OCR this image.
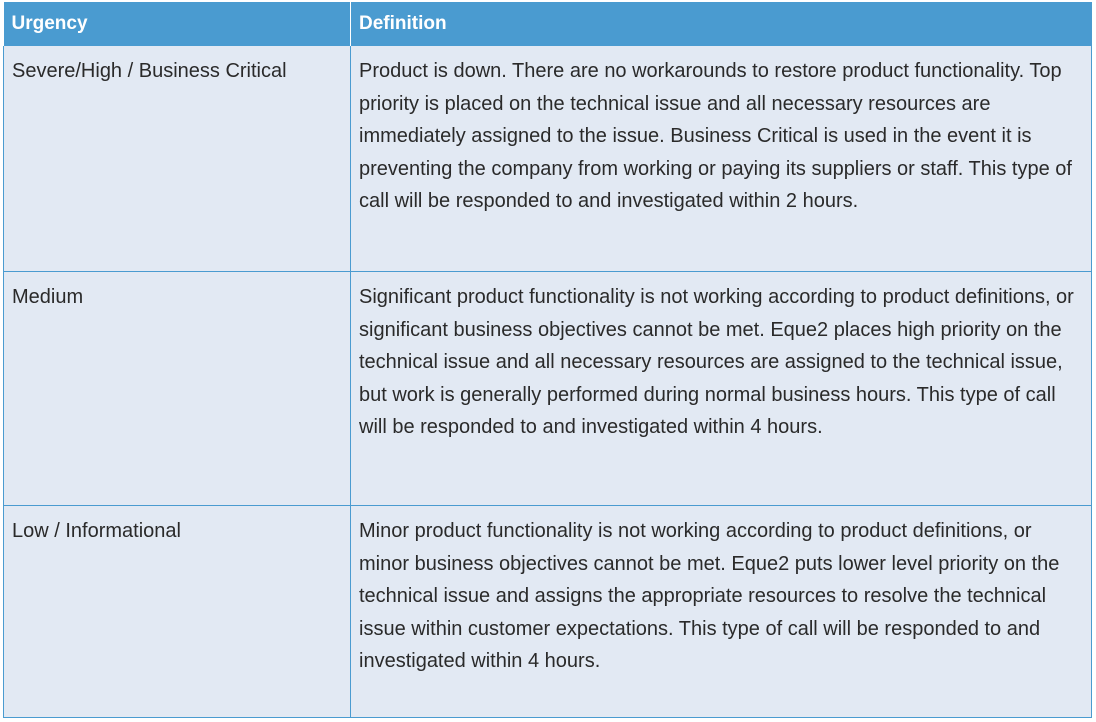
Urgency	Definition
Severe/High / Business Critical	Product is down. There are no workarounds to restore product functionality. Top priority is placed on the technical issue and all necessary resources are immediately assigned to the issue. Business Critical is used in the event it is preventing the company from working or paying its suppliers or staff. This type of call will be responded to and investigated within 2 hours.
Medium	Significant product functionality is not working according to product definitions, or significant business objectives cannot be met. Eque2 places high priority on the technical issue and all necessary resources are assigned to the technical issue, but work is generally performed during normal business hours. This type of call will be responded to and investigated within 4 hours.
Low / Informational	Minor product functionality is not working according to product definitions, or minor business objectives cannot be met. Eque2 puts lower level priority on the technical issue and assigns the appropriate resources to resolve the technical issue within customer expectations. This type of call will be responded to and investigated within 4 hours.
